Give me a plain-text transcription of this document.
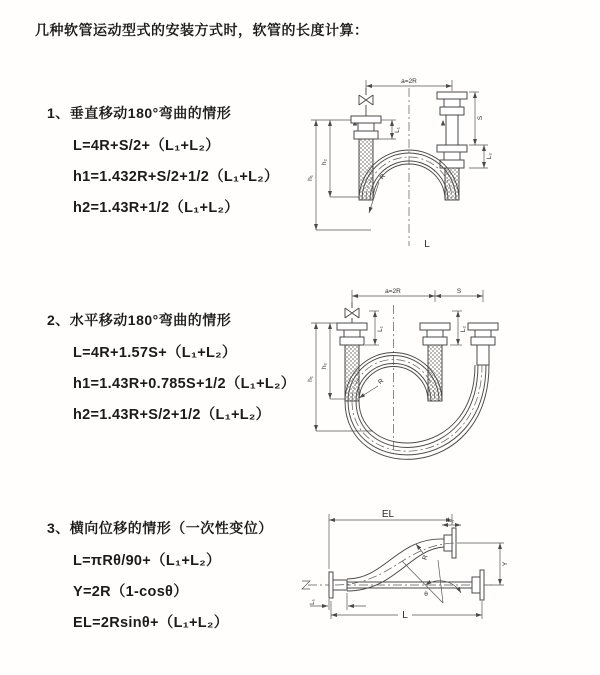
几种软管运动型式的安装方式时，软管的长度计算：
1、垂直移动180°弯曲的情形
L=4R+S/2+（L₁+L₂）
h1=1.432R+S/2+1/2（L₁+L₂）
h2=1.43R+1/2（L₁+L₂）
2、水平移动180°弯曲的情形
L=4R+1.57S+（L₁+L₂）
h1=1.43R+0.785S+1/2（L₁+L₂）
h2=1.43R+S/2+1/2（L₁+L₂）
3、横向位移的情形（一次性变位）
L=πRθ/90+（L₁+L₂）
Y=2R（1-cosθ）
EL=2Rsinθ+（L₁+L₂）
a=2R
L₁
S
L₂
h₁
h₂
R
L
a=2R	S
L₁	L₂
h₁
h₂
R
EL
L₂
Y
L
L₁
θ
R
